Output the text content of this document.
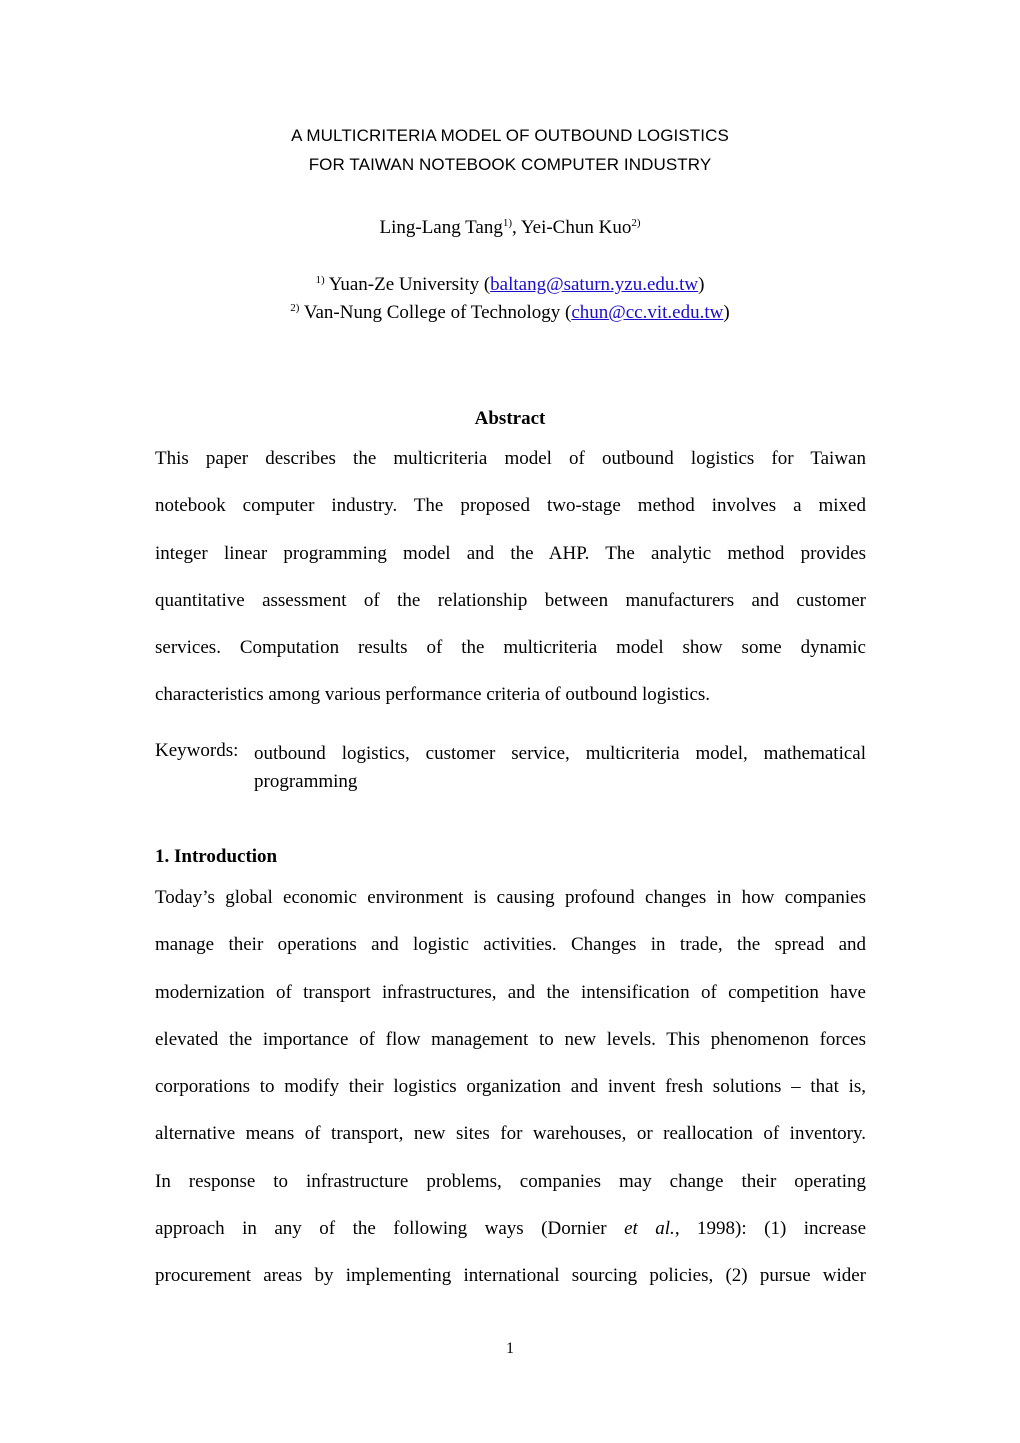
A MULTICRITERIA MODEL OF OUTBOUND LOGISTICS
FOR TAIWAN NOTEBOOK COMPUTER INDUSTRY
Ling-Lang Tang$^{1)}$, Yei-Chun Kuo$^{2)}$
$^{1)}$ Yuan-Ze University (baltang@saturn.yzu.edu.tw)
$^{2)}$ Van-Nung College of Technology (chun@cc.vit.edu.tw)
Abstract
This paper describes the multicriteria model of outbound logistics for Taiwan
notebook computer industry. The proposed two-stage method involves a mixed
integer linear programming model and the AHP. The analytic method provides
quantitative assessment of the relationship between manufacturers and customer
services. Computation results of the multicriteria model show some dynamic
characteristics among various performance criteria of outbound logistics.
Keywords: outbound logistics, customer service, multicriteria model, mathematical
programming
1. Introduction
Today’s global economic environment is causing profound changes in how companies
manage their operations and logistic activities. Changes in trade, the spread and
modernization of transport infrastructures, and the intensification of competition have
elevated the importance of flow management to new levels. This phenomenon forces
corporations to modify their logistics organization and invent fresh solutions – that is,
alternative means of transport, new sites for warehouses, or reallocation of inventory.
In response to infrastructure problems, companies may change their operating
approach in any of the following ways (Dornier et al., 1998): (1) increase
procurement areas by implementing international sourcing policies, (2) pursue wider
1
